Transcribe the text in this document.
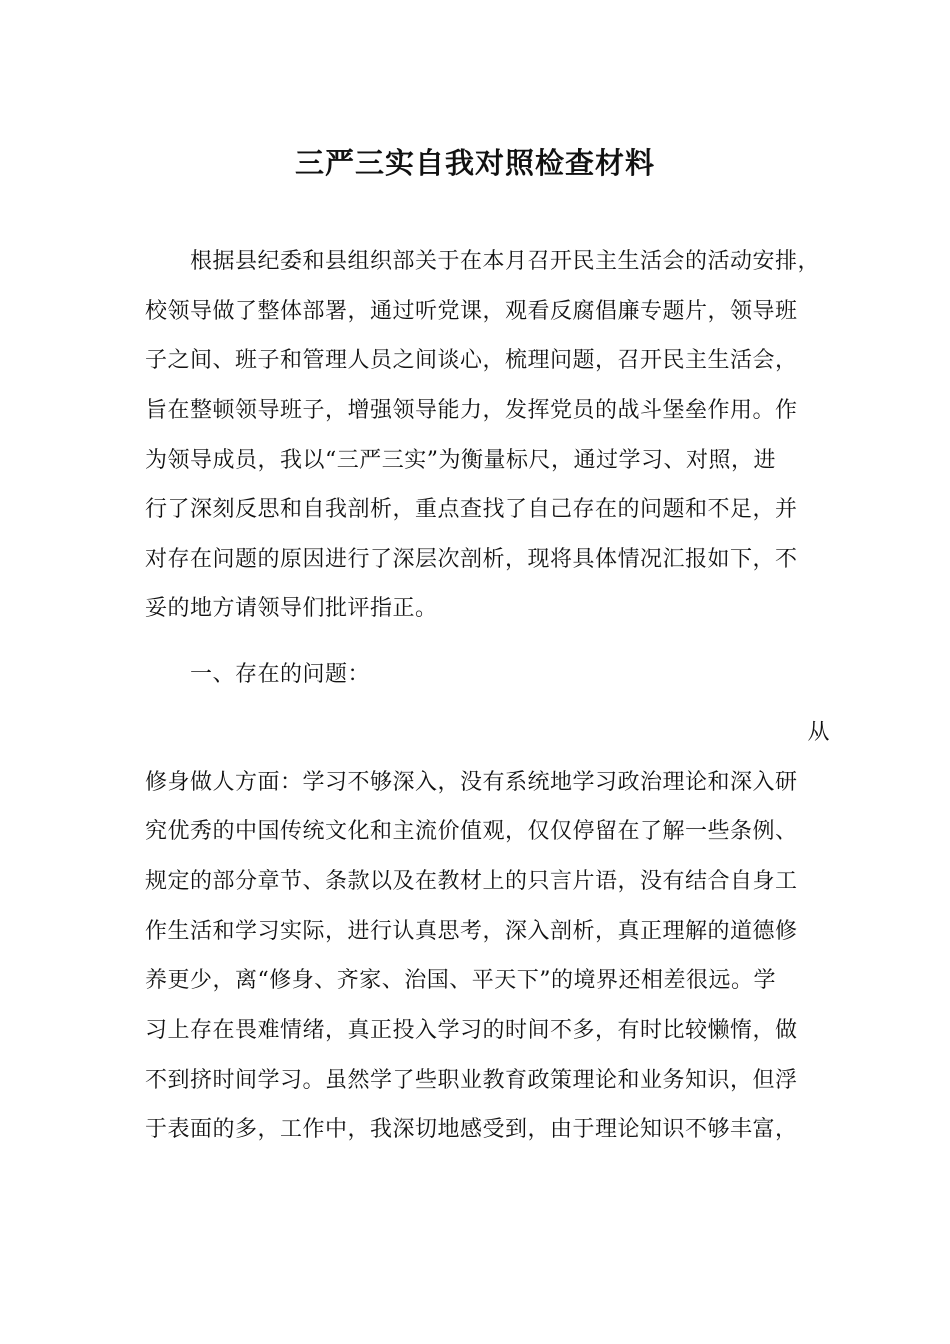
三严三实自我对照检查材料
根据县纪委和县组织部关于在本月召开民主生活会的活动安排，
校领导做了整体部署，通过听党课，观看反腐倡廉专题片，领导班
子之间、班子和管理人员之间谈心，梳理问题，召开民主生活会，
旨在整顿领导班子，增强领导能力，发挥党员的战斗堡垒作用。作
为领导成员，我以“三严三实”为衡量标尺，通过学习、对照，进
行了深刻反思和自我剖析，重点查找了自己存在的问题和不足，并
对存在问题的原因进行了深层次剖析，现将具体情况汇报如下，不
妥的地方请领导们批评指正。
一、存在的问题：
从
修身做人方面：学习不够深入，没有系统地学习政治理论和深入研
究优秀的中国传统文化和主流价值观，仅仅停留在了解一些条例、
规定的部分章节、条款以及在教材上的只言片语，没有结合自身工
作生活和学习实际，进行认真思考，深入剖析，真正理解的道德修
养更少，离“修身、齐家、治国、平天下”的境界还相差很远。学
习上存在畏难情绪，真正投入学习的时间不多，有时比较懒惰，做
不到挤时间学习。虽然学了些职业教育政策理论和业务知识，但浮
于表面的多，工作中，我深切地感受到，由于理论知识不够丰富，
